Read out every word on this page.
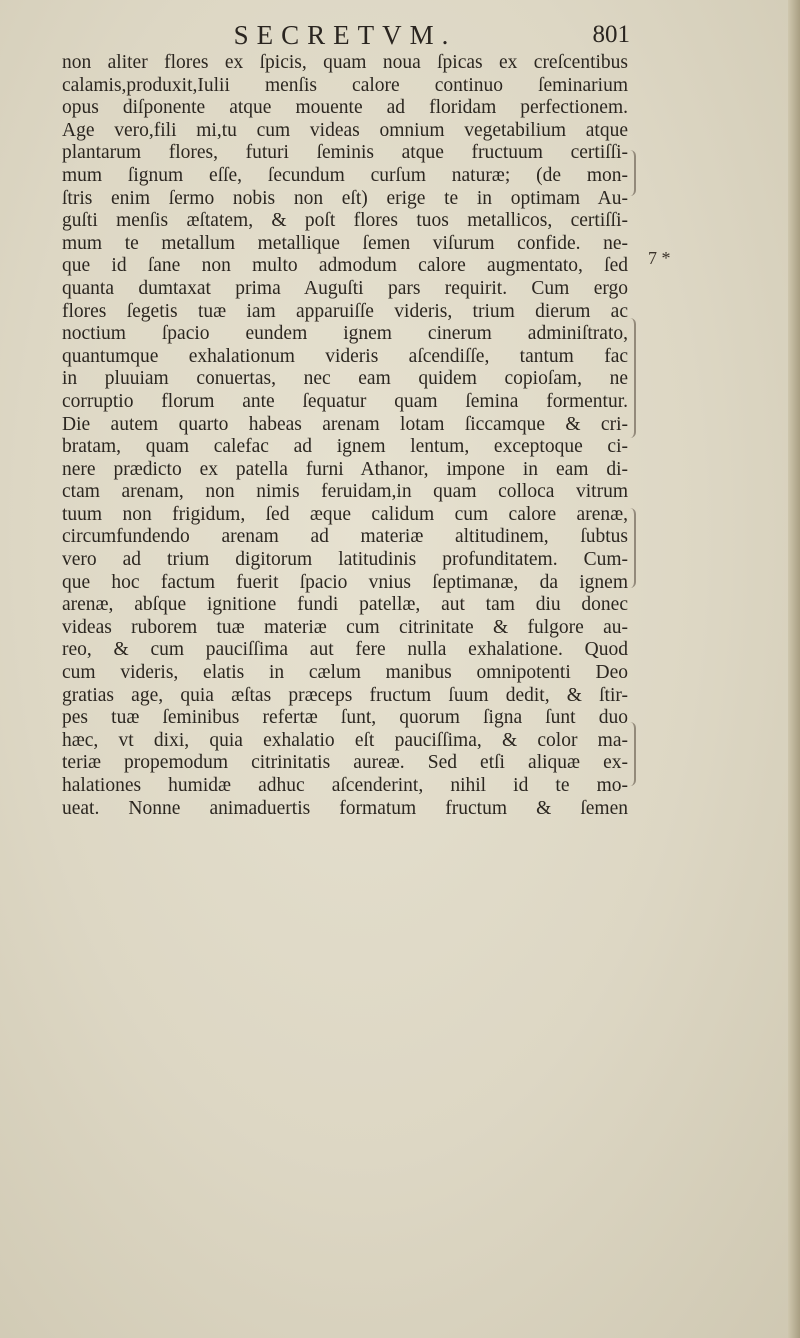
SECRETVM.	801
non aliter flores ex ſpicis, quam noua ſpicas ex creſcentibus
calamis,produxit,Iulii menſis calore continuo ſeminarium
opus diſponente atque mouente ad floridam perfectionem.
Age vero,fili mi,tu cum videas omnium vegetabilium atque
plantarum flores, futuri ſeminis atque fructuum certiſſi-
mum ſignum eſſe, ſecundum curſum naturæ; (de mon-
ſtris enim ſermo nobis non eſt) erige te in optimam Au-
guſti menſis æſtatem, & poſt flores tuos metallicos, certiſſi-
mum te metallum metallique ſemen viſurum confide. ne-
que id ſane non multo admodum calore augmentato, ſed
quanta dumtaxat prima Auguſti pars requirit. Cum ergo
flores ſegetis tuæ iam apparuiſſe videris, trium dierum ac
noctium ſpacio eundem ignem cinerum adminiſtrato,
quantumque exhalationum videris aſcendiſſe, tantum fac
in pluuiam conuertas, nec eam quidem copioſam, ne
corruptio florum ante ſequatur quam ſemina formentur.
Die autem quarto habeas arenam lotam ſiccamque & cri-
bratam, quam calefac ad ignem lentum, exceptoque ci-
nere prædicto ex patella furni Athanor, impone in eam di-
ctam arenam, non nimis feruidam,in quam colloca vitrum
tuum non frigidum, ſed æque calidum cum calore arenæ,
circumfundendo arenam ad materiæ altitudinem, ſubtus
vero ad trium digitorum latitudinis profunditatem. Cum-
que hoc factum fuerit ſpacio vnius ſeptimanæ, da ignem
arenæ, abſque ignitione fundi patellæ, aut tam diu donec
videas ruborem tuæ materiæ cum citrinitate & fulgore au-
reo, & cum pauciſſima aut fere nulla exhalatione. Quod
cum videris, elatis in cælum manibus omnipotenti Deo
gratias age, quia æſtas præceps fructum ſuum dedit, & ſtir-
pes tuæ ſeminibus refertæ ſunt, quorum ſigna ſunt duo
hæc, vt dixi, quia exhalatio eſt pauciſſima, & color ma-
teriæ propemodum citrinitatis aureæ. Sed etſi aliquæ ex-
halationes humidæ adhuc aſcenderint, nihil id te mo-
ueat. Nonne animaduertis formatum fructum & ſemen
7 *
